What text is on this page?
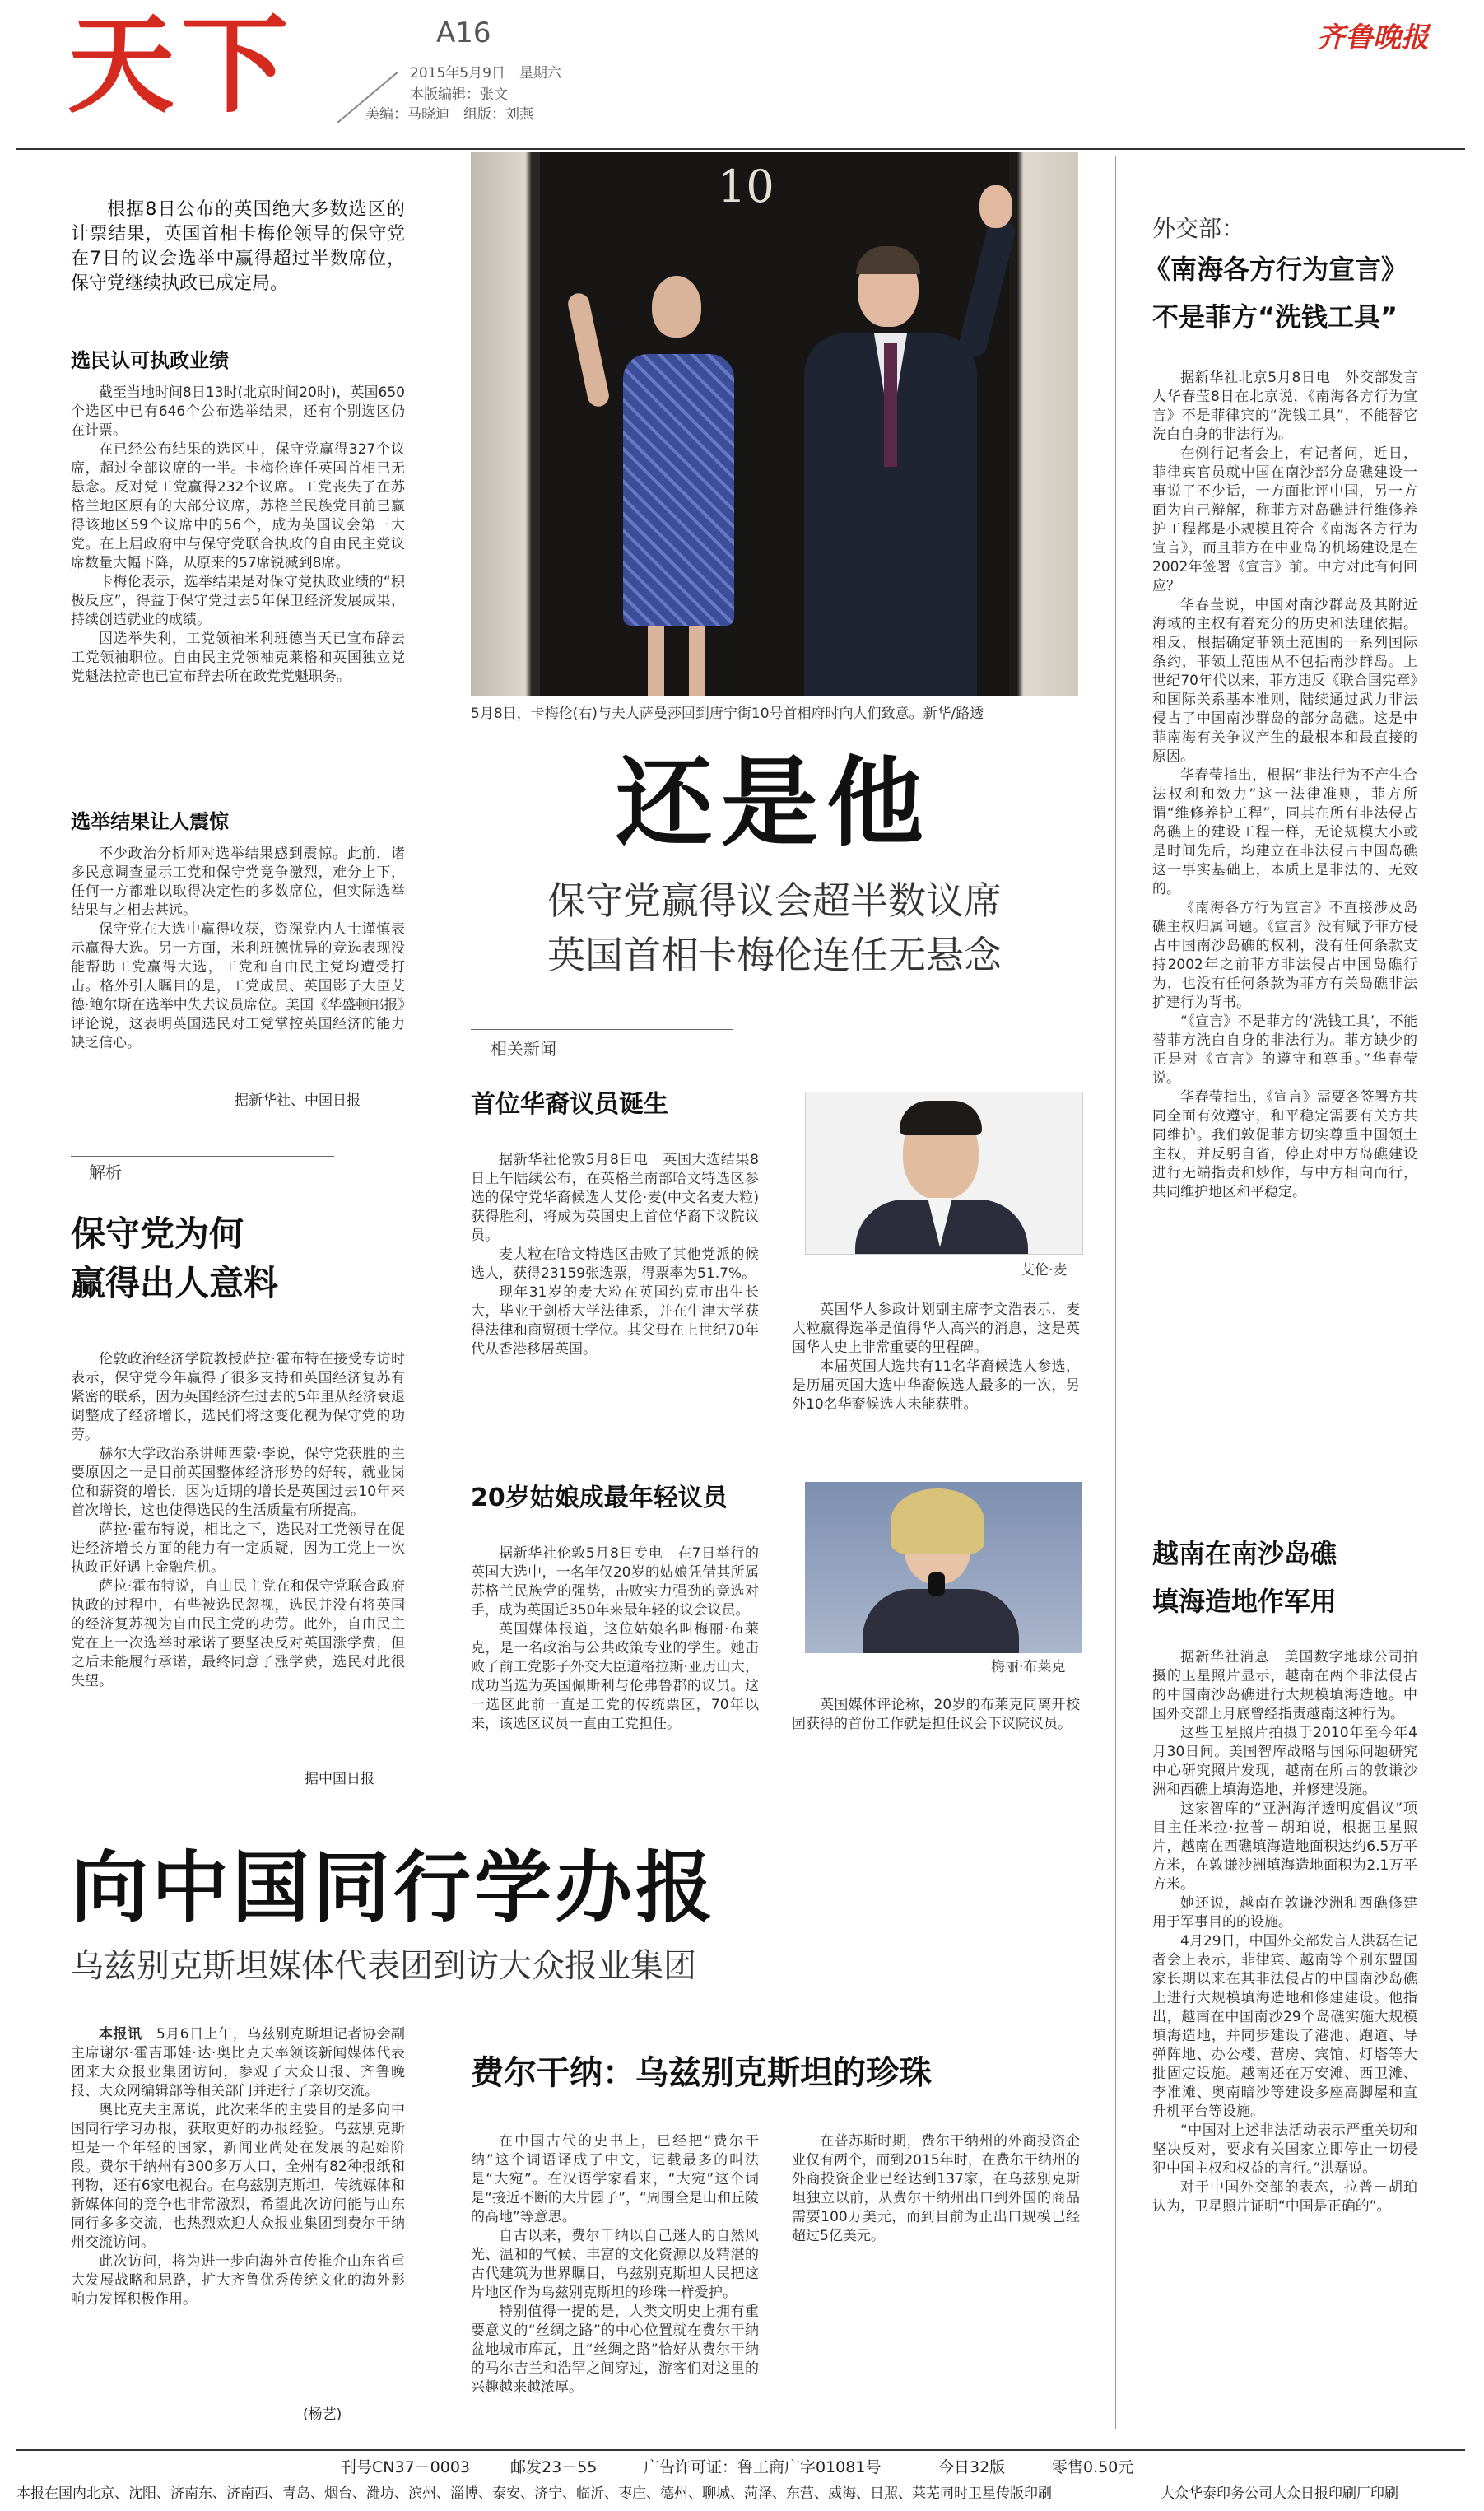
天下	A16
2015年5月9日　星期六
本版编辑：张文
美编：马晓迪　组版：刘燕
齐鲁晚报

根据8日公布的英国绝大多数选区的计票结果，英国首相卡梅伦领导的保守党在7日的议会选举中赢得超过半数席位，保守党继续执政已成定局。

选民认可执政业绩

截至当地时间8日13时(北京时间20时)，英国650个选区中已有646个公布选举结果，还有个别选区仍在计票。

在已经公布结果的选区中，保守党赢得327个议席，超过全部议席的一半。卡梅伦连任英国首相已无悬念。反对党工党赢得232个议席。工党丧失了在苏格兰地区原有的大部分议席，苏格兰民族党目前已赢得该地区59个议席中的56个，成为英国议会第三大党。在上届政府中与保守党联合执政的自由民主党议席数量大幅下降，从原来的57席锐减到8席。

卡梅伦表示，选举结果是对保守党执政业绩的“积极反应”，得益于保守党过去5年保卫经济发展成果，持续创造就业的成绩。

因选举失利，工党领袖米利班德当天已宣布辞去工党领袖职位。自由民主党领袖克莱格和英国独立党党魁法拉奇也已宣布辞去所在政党党魁职务。

选举结果让人震惊

不少政治分析师对选举结果感到震惊。此前，诸多民意调查显示工党和保守党竞争激烈，难分上下，任何一方都难以取得决定性的多数席位，但实际选举结果与之相去甚远。

保守党在大选中赢得收获，资深党内人士谨慎表示赢得大选。另一方面，米利班德忧异的竞选表现没能帮助工党赢得大选，工党和自由民主党均遭受打击。格外引人瞩目的是，工党成员、英国影子大臣艾德·鲍尔斯在选举中失去议员席位。美国《华盛顿邮报》评论说，这表明英国选民对工党掌控英国经济的能力缺乏信心。

据新华社、中国日报
解析
保守党为何
赢得出人意料

伦敦政治经济学院教授萨拉·霍布特在接受专访时表示，保守党今年赢得了很多支持和英国经济复苏有紧密的联系，因为英国经济在过去的5年里从经济衰退调整成了经济增长，选民们将这变化视为保守党的功劳。

赫尔大学政治系讲师西蒙·李说，保守党获胜的主要原因之一是目前英国整体经济形势的好转，就业岗位和薪资的增长，因为近期的增长是英国过去10年来首次增长，这也使得选民的生活质量有所提高。

萨拉·霍布特说，相比之下，选民对工党领导在促进经济增长方面的能力有一定质疑，因为工党上一次执政正好遇上金融危机。

萨拉·霍布特说，自由民主党在和保守党联合政府执政的过程中，有些被选民忽视，选民并没有将英国的经济复苏视为自由民主党的功劳。此外，自由民主党在上一次选举时承诺了要坚决反对英国涨学费，但之后未能履行承诺，最终同意了涨学费，选民对此很失望。

据中国日报
10
5月8日，卡梅伦(右)与夫人萨曼莎回到唐宁街10号首相府时向人们致意。新华/路透
还是他
保守党赢得议会超半数议席
英国首相卡梅伦连任无悬念
相关新闻
首位华裔议员诞生
艾伦·麦

据新华社伦敦5月8日电　英国大选结果8日上午陆续公布，在英格兰南部哈文特选区参选的保守党华裔候选人艾伦·麦(中文名麦大粒)获得胜利，将成为英国史上首位华裔下议院议员。

麦大粒在哈文特选区击败了其他党派的候选人，获得23159张选票，得票率为51.7%。

现年31岁的麦大粒在英国约克市出生长大，毕业于剑桥大学法律系，并在牛津大学获得法律和商贸硕士学位。其父母在上世纪70年代从香港移居英国。

英国华人参政计划副主席李文浩表示，麦大粒赢得选举是值得华人高兴的消息，这是英国华人史上非常重要的里程碑。

本届英国大选共有11名华裔候选人参选，是历届英国大选中华裔候选人最多的一次，另外10名华裔候选人未能获胜。

20岁姑娘成最年轻议员
梅丽·布莱克

据新华社伦敦5月8日专电　在7日举行的英国大选中，一名年仅20岁的姑娘凭借其所属苏格兰民族党的强势，击败实力强劲的竞选对手，成为英国近350年来最年轻的议会议员。

英国媒体报道，这位姑娘名叫梅丽·布莱克，是一名政治与公共政策专业的学生。她击败了前工党影子外交大臣道格拉斯·亚历山大，成功当选为英国佩斯利与伦弗鲁郡的议员。这一选区此前一直是工党的传统票区，70年以来，该选区议员一直由工党担任。

英国媒体评论称，20岁的布莱克同离开校园获得的首份工作就是担任议会下议院议员。

外交部：
《南海各方行为宣言》
不是菲方“洗钱工具”

据新华社北京5月8日电　外交部发言人华春莹8日在北京说，《南海各方行为宣言》不是菲律宾的“洗钱工具”，不能替它洗白自身的非法行为。

在例行记者会上，有记者问，近日，菲律宾官员就中国在南沙部分岛礁建设一事说了不少话，一方面批评中国，另一方面为自己辩解，称菲方对岛礁进行维修养护工程都是小规模且符合《南海各方行为宣言》，而且菲方在中业岛的机场建设是在2002年签署《宣言》前。中方对此有何回应？

华春莹说，中国对南沙群岛及其附近海域的主权有着充分的历史和法理依据。相反，根据确定菲领土范围的一系列国际条约，菲领土范围从不包括南沙群岛。上世纪70年代以来，菲方违反《联合国宪章》和国际关系基本准则，陆续通过武力非法侵占了中国南沙群岛的部分岛礁。这是中菲南海有关争议产生的最根本和最直接的原因。

华春莹指出，根据“非法行为不产生合法权利和效力”这一法律准则，菲方所谓“维修养护工程”，同其在所有非法侵占岛礁上的建设工程一样，无论规模大小或是时间先后，均建立在非法侵占中国岛礁这一事实基础上，本质上是非法的、无效的。

《南海各方行为宣言》不直接涉及岛礁主权归属问题。《宣言》没有赋予菲方侵占中国南沙岛礁的权利，没有任何条款支持2002年之前菲方非法侵占中国岛礁行为，也没有任何条款为菲方有关岛礁非法扩建行为背书。

“《宣言》不是菲方的‘洗钱工具’，不能替菲方洗白自身的非法行为。菲方缺少的正是对《宣言》的遵守和尊重。”华春莹说。

华春莹指出，《宣言》需要各签署方共同全面有效遵守，和平稳定需要有关方共同维护。我们敦促菲方切实尊重中国领土主权，并反躬自省，停止对中方岛礁建设进行无端指责和炒作，与中方相向而行，共同维护地区和平稳定。

越南在南沙岛礁
填海造地作军用

据新华社消息　美国数字地球公司拍摄的卫星照片显示，越南在两个非法侵占的中国南沙岛礁进行大规模填海造地。中国外交部上月底曾经指责越南这种行为。

这些卫星照片拍摄于2010年至今年4月30日间。美国智库战略与国际问题研究中心研究照片发现，越南在所占的敦谦沙洲和西礁上填海造地，并修建设施。

这家智库的“亚洲海洋透明度倡议”项目主任米拉·拉普－胡珀说，根据卫星照片，越南在西礁填海造地面积达约6.5万平方米，在敦谦沙洲填海造地面积为2.1万平方米。

她还说，越南在敦谦沙洲和西礁修建用于军事目的的设施。

4月29日，中国外交部发言人洪磊在记者会上表示，菲律宾、越南等个别东盟国家长期以来在其非法侵占的中国南沙岛礁上进行大规模填海造地和修建建设。他指出，越南在中国南沙29个岛礁实施大规模填海造地，并同步建设了港池、跑道、导弹阵地、办公楼、营房、宾馆、灯塔等大批固定设施。越南还在万安滩、西卫滩、李准滩、奥南暗沙等建设多座高脚屋和直升机平台等设施。

“中国对上述非法活动表示严重关切和坚决反对，要求有关国家立即停止一切侵犯中国主权和权益的言行。”洪磊说。

对于中国外交部的表态，拉普－胡珀认为，卫星照片证明“中国是正确的”。

向中国同行学办报
乌兹别克斯坦媒体代表团到访大众报业集团

本报讯　 5月6日上午，乌兹别克斯坦记者协会副主席谢尔·霍吉耶娃·达·奥比克夫率领该新闻媒体代表团来大众报业集团访问，参观了大众日报、齐鲁晚报、大众网编辑部等相关部门并进行了亲切交流。

奥比克夫主席说，此次来华的主要目的是多向中国同行学习办报，获取更好的办报经验。乌兹别克斯坦是一个年轻的国家，新闻业尚处在发展的起始阶段。费尔干纳州有300多万人口，全州有82种报纸和刊物，还有6家电视台。在乌兹别克斯坦，传统媒体和新媒体间的竞争也非常激烈，希望此次访问能与山东同行多多交流，也热烈欢迎大众报业集团到费尔干纳州交流访问。

此次访问，将为进一步向海外宣传推介山东省重大发展战略和思路，扩大齐鲁优秀传统文化的海外影响力发挥积极作用。

(杨艺)
费尔干纳：乌兹别克斯坦的珍珠

在中国古代的史书上，已经把“费尔干纳”这个词语译成了中文，记载最多的叫法是“大宛”。在汉语学家看来，“大宛”这个词是“接近不断的大片园子”，“周围全是山和丘陵的高地”等意思。

自古以来，费尔干纳以自己迷人的自然风光、温和的气候、丰富的文化资源以及精湛的古代建筑为世界瞩目，乌兹别克斯坦人民把这片地区作为乌兹别克斯坦的珍珠一样爱护。

特别值得一提的是，人类文明史上拥有重要意义的“丝绸之路”的中心位置就在费尔干纳盆地城市库瓦，且“丝绸之路”恰好从费尔干纳的马尔吉兰和浩罕之间穿过，游客们对这里的兴趣越来越浓厚。

在普苏斯时期，费尔干纳州的外商投资企业仅有两个，而到2015年时，在费尔干纳州的外商投资企业已经达到137家，在乌兹别克斯坦独立以前，从费尔干纳州出口到外国的商品需要100万美元，而到目前为止出口规模已经超过5亿美元。

刊号CN37－0003	邮发23－55	广告许可证：鲁工商广字01081号	今日32版	零售0.50元
本报在国内北京、沈阳、济南东、济南西、青岛、烟台、潍坊、滨州、淄博、泰安、济宁、临沂、枣庄、德州、聊城、菏泽、东营、威海、日照、莱芜同时卫星传版印刷	大众华泰印务公司大众日报印刷厂印刷
